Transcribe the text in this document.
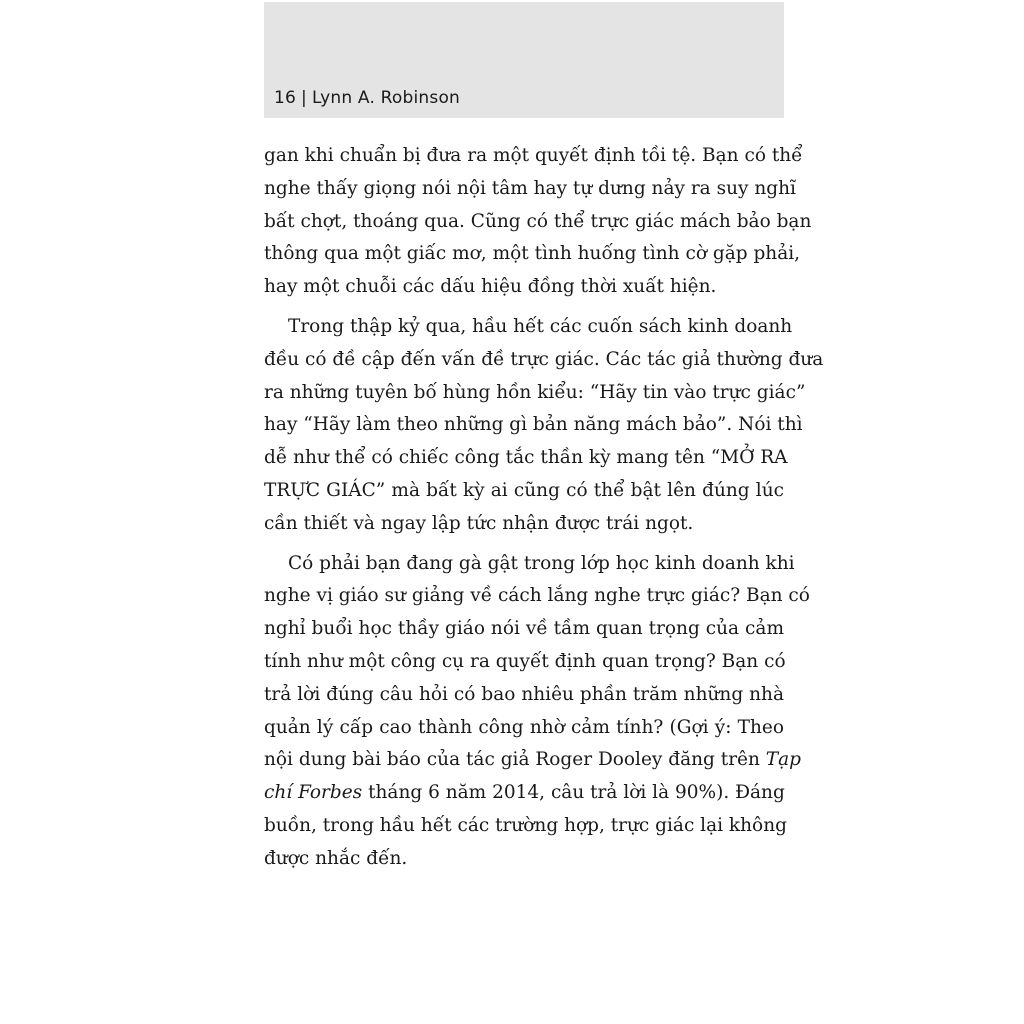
16 | Lynn A. Robinson
gan khi chuẩn bị đưa ra một quyết định tồi tệ. Bạn có thể
nghe thấy giọng nói nội tâm hay tự dưng nảy ra suy nghĩ
bất chợt, thoáng qua. Cũng có thể trực giác mách bảo bạn
thông qua một giấc mơ, một tình huống tình cờ gặp phải,
hay một chuỗi các dấu hiệu đồng thời xuất hiện.
Trong thập kỷ qua, hầu hết các cuốn sách kinh doanh
đều có đề cập đến vấn đề trực giác. Các tác giả thường đưa
ra những tuyên bố hùng hồn kiểu: “Hãy tin vào trực giác”
hay “Hãy làm theo những gì bản năng mách bảo”. Nói thì
dễ như thể có chiếc công tắc thần kỳ mang tên “MỞ RA
TRỰC GIÁC” mà bất kỳ ai cũng có thể bật lên đúng lúc
cần thiết và ngay lập tức nhận được trái ngọt.
Có phải bạn đang gà gật trong lớp học kinh doanh khi
nghe vị giáo sư giảng về cách lắng nghe trực giác? Bạn có
nghỉ buổi học thầy giáo nói về tầm quan trọng của cảm
tính như một công cụ ra quyết định quan trọng? Bạn có
trả lời đúng câu hỏi có bao nhiêu phần trăm những nhà
quản lý cấp cao thành công nhờ cảm tính? (Gợi ý: Theo
nội dung bài báo của tác giả Roger Dooley đăng trên Tạp
chí Forbes tháng 6 năm 2014, câu trả lời là 90%). Đáng
buồn, trong hầu hết các trường hợp, trực giác lại không
được nhắc đến.
